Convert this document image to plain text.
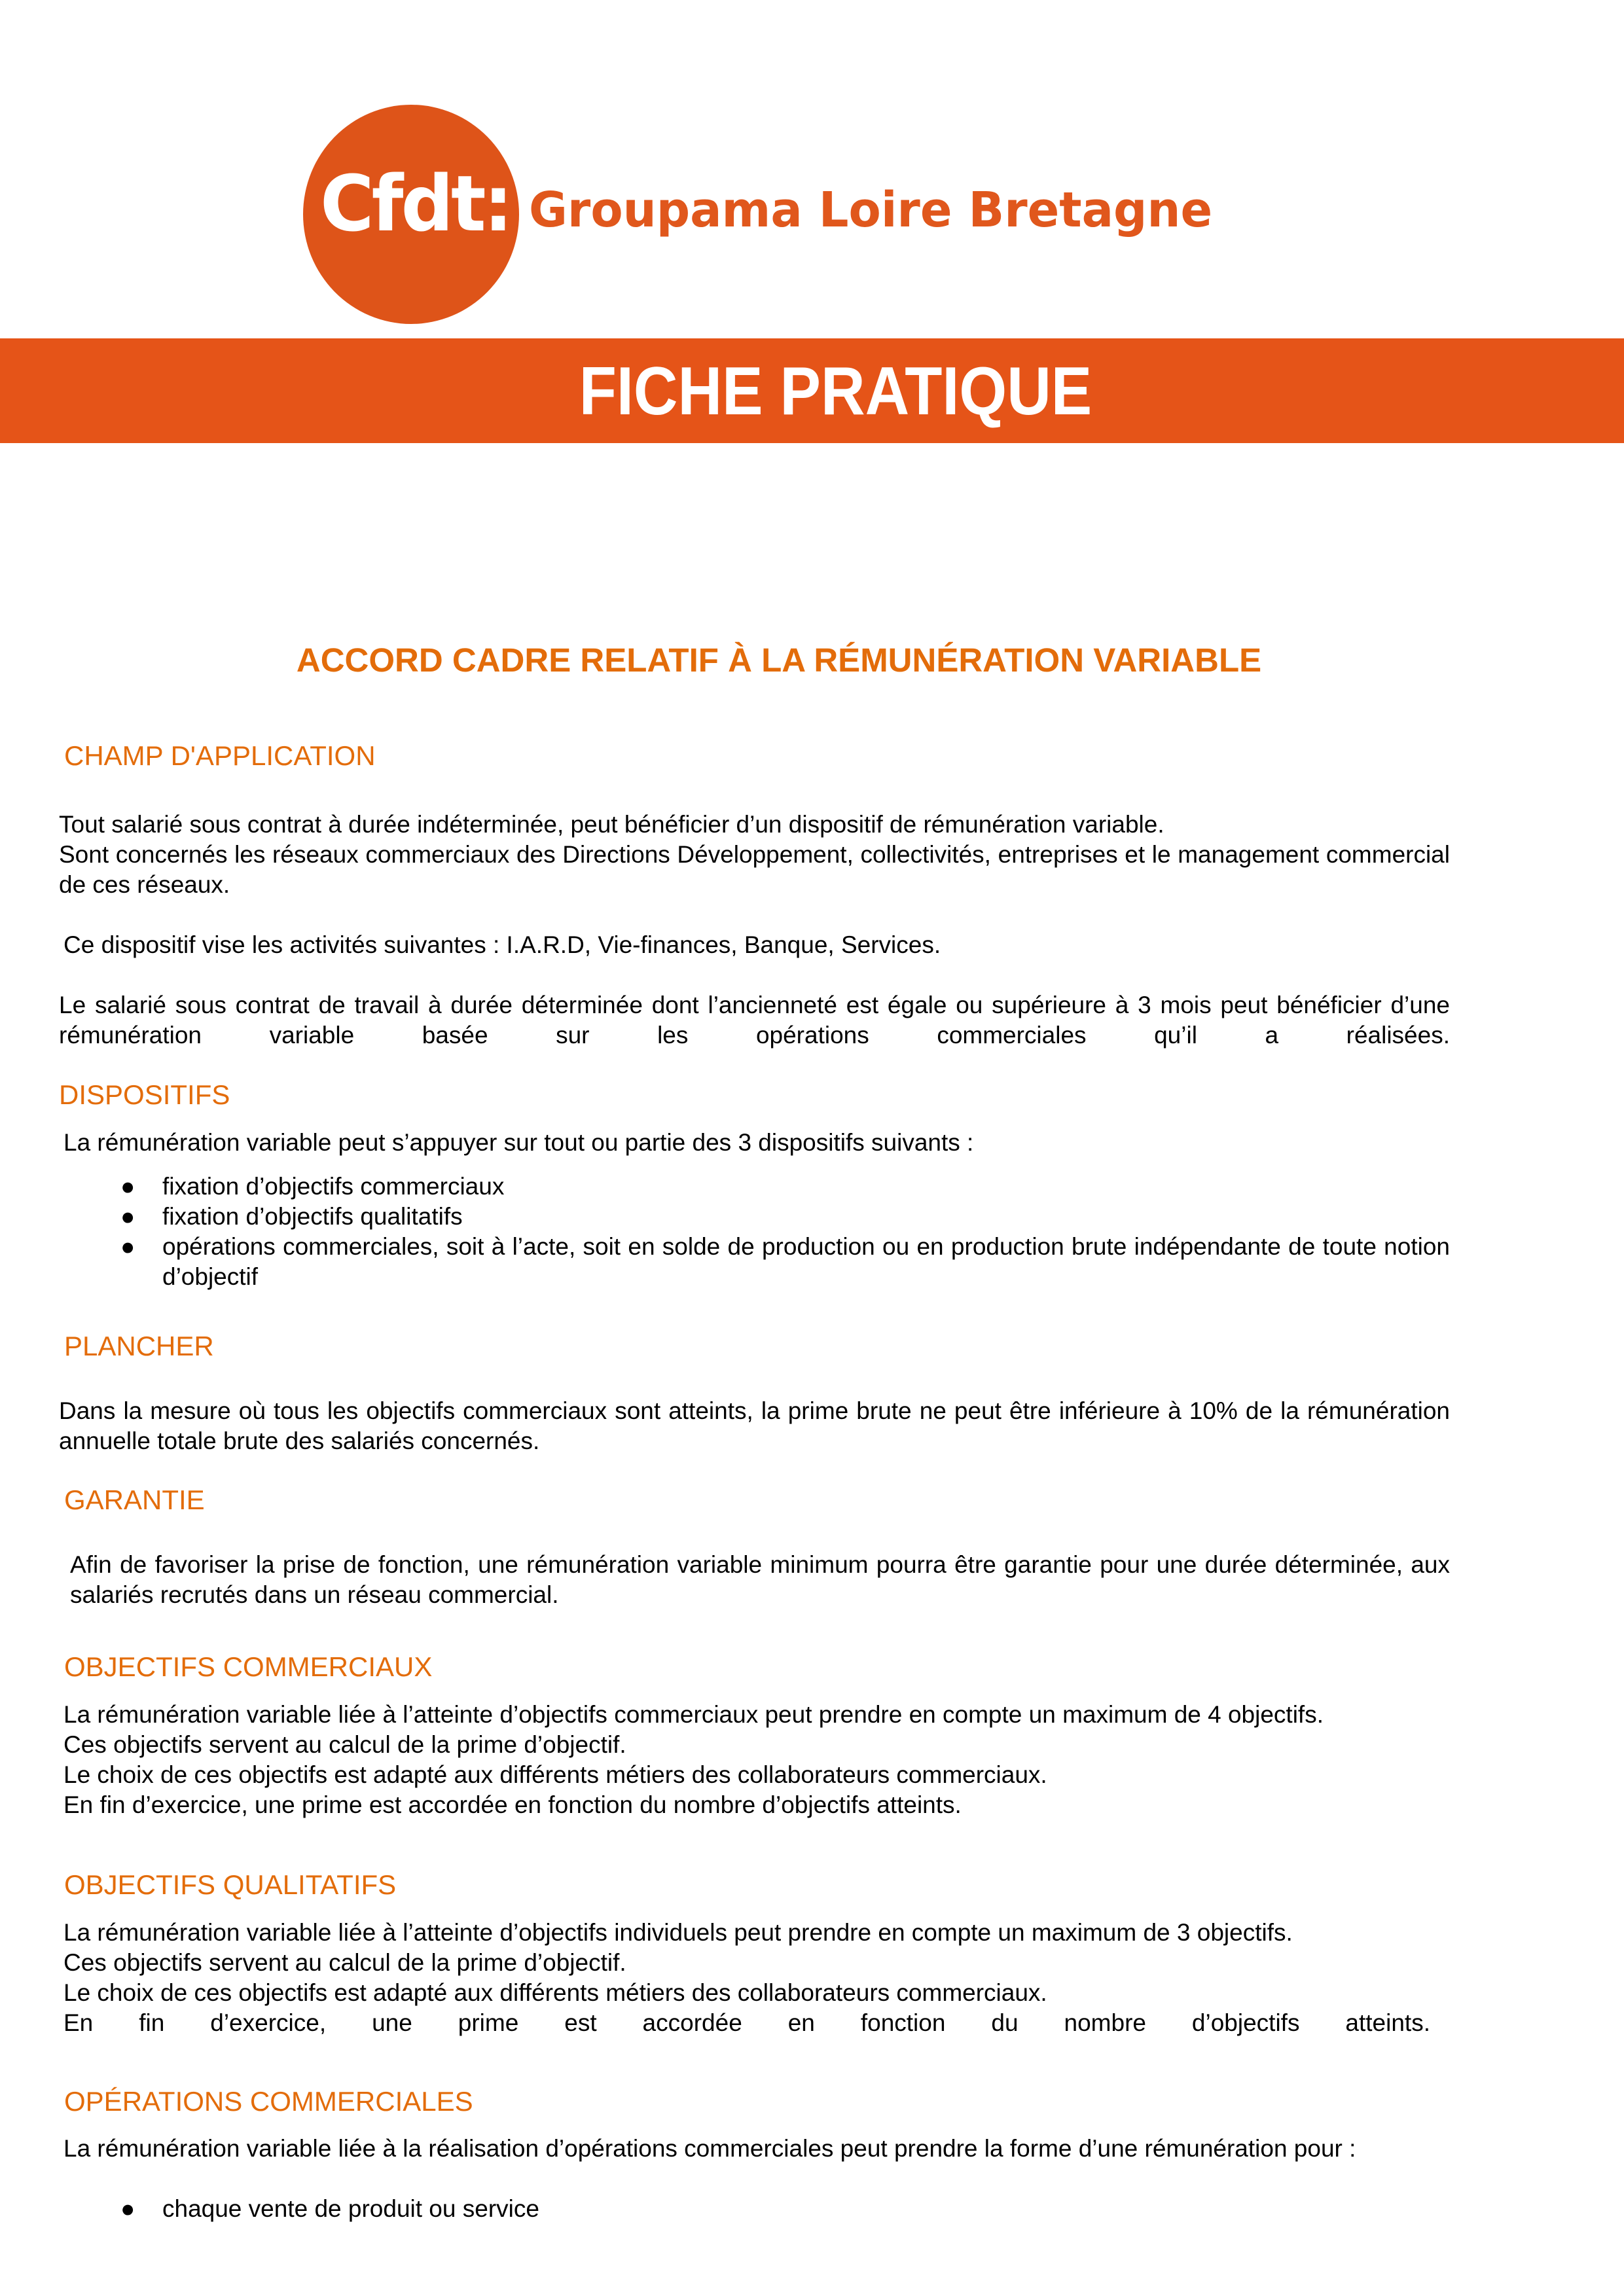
Cfdt: Groupama Loire Bretagne
FICHE PRATIQUE
ACCORD CADRE RELATIF À LA RÉMUNÉRATION VARIABLE
CHAMP D'APPLICATION
Tout salarié sous contrat à durée indéterminée, peut bénéficier d’un dispositif de rémunération variable.
Sont concernés les réseaux commerciaux des Directions Développement, collectivités, entreprises et le management commercial de ces réseaux.
Ce dispositif vise les activités suivantes : I.A.R.D, Vie-finances, Banque, Services.
Le salarié sous contrat de travail à durée déterminée dont l’ancienneté est égale ou supérieure à 3 mois peut bénéficier d’une rémunération variable basée sur les opérations commerciales qu’il a réalisées.
DISPOSITIFS
La rémunération variable peut s’appuyer sur tout ou partie des 3 dispositifs suivants :
● fixation d’objectifs commerciaux
● fixation d’objectifs qualitatifs
● opérations commerciales, soit à l’acte, soit en solde de production ou en production brute indépendante de toute notion d’objectif
PLANCHER
Dans la mesure où tous les objectifs commerciaux sont atteints, la prime brute ne peut être inférieure à 10% de la rémunération annuelle totale brute des salariés concernés.
GARANTIE
Afin de favoriser la prise de fonction, une rémunération variable minimum pourra être garantie pour une durée déterminée, aux salariés recrutés dans un réseau commercial.
OBJECTIFS COMMERCIAUX
La rémunération variable liée à l’atteinte d’objectifs commerciaux peut prendre en compte un maximum de 4 objectifs.
Ces objectifs servent au calcul de la prime d’objectif.
Le choix de ces objectifs est adapté aux différents métiers des collaborateurs commerciaux.
En fin d’exercice, une prime est accordée en fonction du nombre d’objectifs atteints.
OBJECTIFS QUALITATIFS
La rémunération variable liée à l’atteinte d’objectifs individuels peut prendre en compte un maximum de 3 objectifs.
Ces objectifs servent au calcul de la prime d’objectif.
Le choix de ces objectifs est adapté aux différents métiers des collaborateurs commerciaux.
En fin d’exercice, une prime est accordée en fonction du nombre d’objectifs atteints.
OPÉRATIONS COMMERCIALES
La rémunération variable liée à la réalisation d’opérations commerciales peut prendre la forme d’une rémunération pour :
● chaque vente de produit ou service
